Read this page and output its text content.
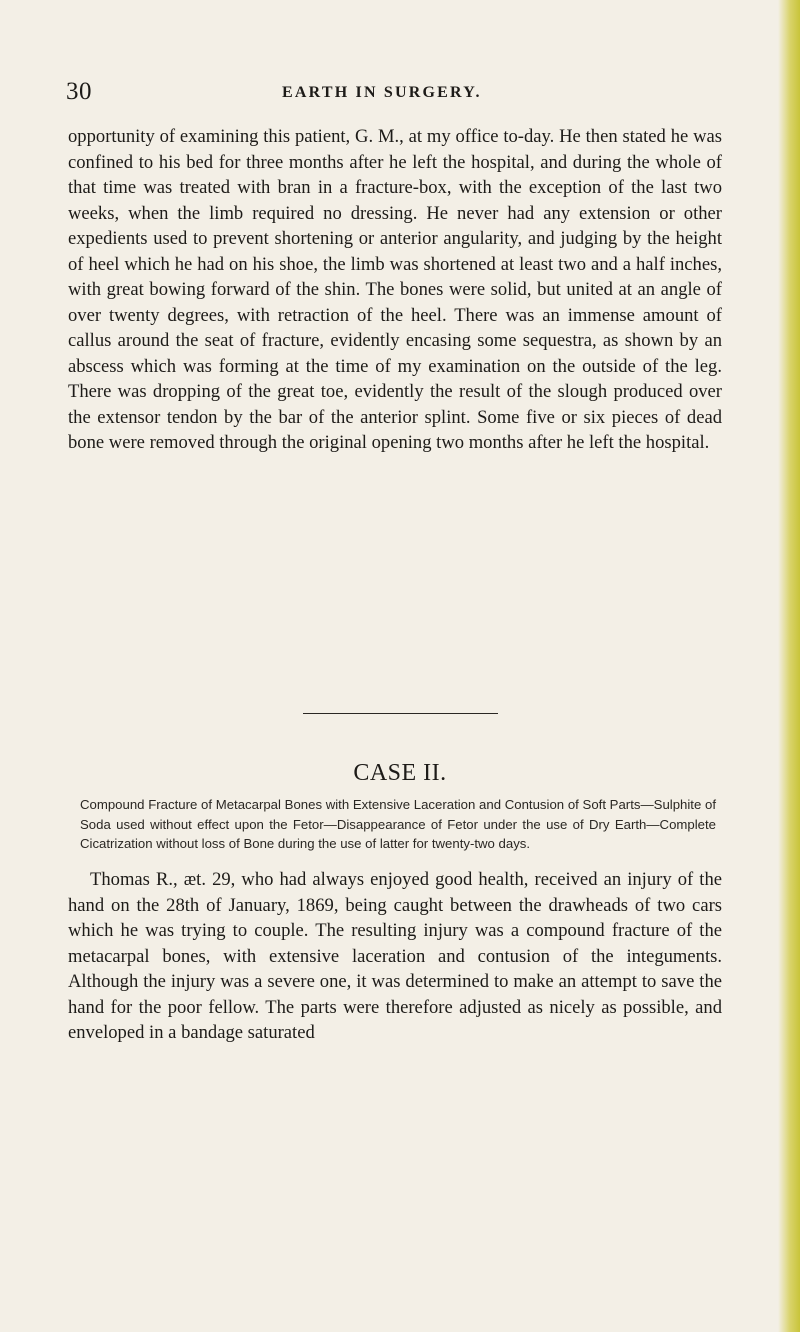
30	EARTH IN SURGERY.

opportunity of examining this patient, G. M., at my office to-day. He then stated he was confined to his bed for three months after he left the hospital, and during the whole of that time was treated with bran in a fracture-box, with the exception of the last two weeks, when the limb required no dressing. He never had any extension or other expedients used to prevent shortening or anterior angularity, and judging by the height of heel which he had on his shoe, the limb was shortened at least two and a half inches, with great bowing forward of the shin. The bones were solid, but united at an angle of over twenty degrees, with retraction of the heel. There was an immense amount of callus around the seat of fracture, evidently encasing some sequestra, as shown by an abscess which was forming at the time of my examination on the outside of the leg. There was dropping of the great toe, evidently the result of the slough produced over the extensor tendon by the bar of the anterior splint. Some five or six pieces of dead bone were removed through the original opening two months after he left the hospital.

CASE II.

Compound Fracture of Metacarpal Bones with Extensive Laceration and Contusion of Soft Parts—Sulphite of Soda used without effect upon the Fetor—Disappearance of Fetor under the use of Dry Earth—Complete Cicatrization without loss of Bone during the use of latter for twenty-two days.

Thomas R., æt. 29, who had always enjoyed good health, received an injury of the hand on the 28th of January, 1869, being caught between the drawheads of two cars which he was trying to couple. The resulting injury was a compound fracture of the metacarpal bones, with extensive laceration and contusion of the integuments. Although the injury was a severe one, it was determined to make an attempt to save the hand for the poor fellow. The parts were therefore adjusted as nicely as possible, and enveloped in a bandage saturated
